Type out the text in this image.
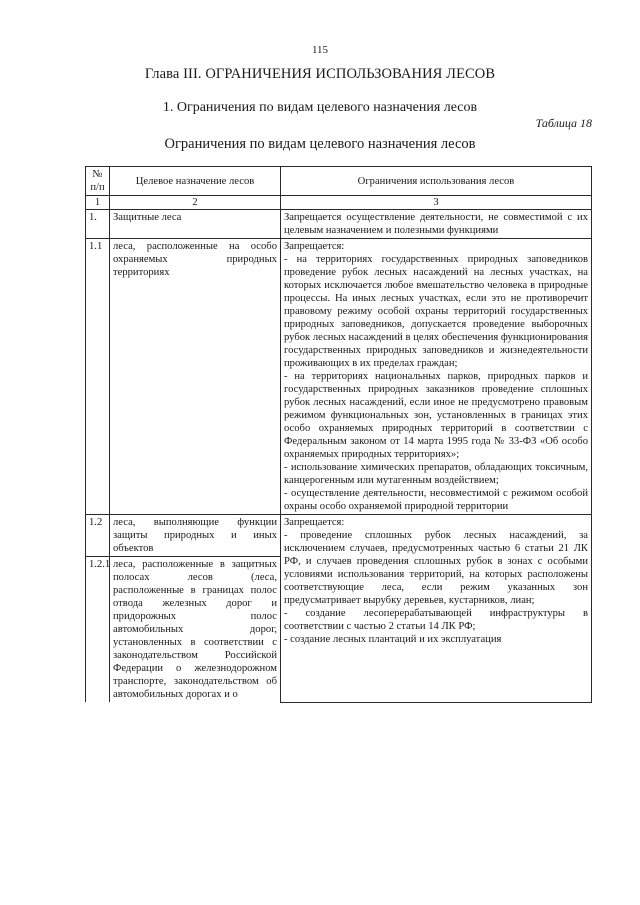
115
Глава III. ОГРАНИЧЕНИЯ ИСПОЛЬЗОВАНИЯ ЛЕСОВ
1. Ограничения по видам целевого назначения лесов
Таблица 18
Ограничения по видам целевого назначения лесов
№ п/п	Целевое назначение лесов	Ограничения использования лесов
1	2	3
1.	Защитные леса	Запрещается осуществление деятельности, не совместимой с их целевым назначением и полезными функциями
1.1	леса, расположенные на особо охраняемых природных территориях	Запрещается:
- на территориях государственных природных заповедников проведение рубок лесных насаждений на лесных участках, на которых исключается любое вмешательство человека в природные процессы. На иных лесных участках, если это не противоречит правовому режиму особой охраны территорий государственных природных заповедников, допускается проведение выборочных рубок лесных насаждений в целях обеспечения функционирования государственных природных заповедников и жизнедеятельности проживающих в их пределах граждан;
- на территориях национальных парков, природных парков и государственных природных заказников проведение сплошных рубок лесных насаждений, если иное не предусмотрено правовым режимом функциональных зон, установленных в границах этих особо охраняемых природных территорий в соответствии с Федеральным законом от 14 марта 1995 года № 33-ФЗ «Об особо охраняемых природных территориях»;
- использование химических препаратов, обладающих токсичным, канцерогенным или мутагенным воздействием;
- осуществление деятельности, несовместимой с режимом особой охраны особо охраняемой природной территории

1.2	леса, выполняющие функции защиты природных и иных объектов	Запрещается:
- проведение сплошных рубок лесных насаждений, за исключением случаев, предусмотренных частью 6 статьи 21 ЛК РФ, и случаев проведения сплошных рубок в зонах с особыми условиями использования территорий, на которых расположены соответствующие леса, если режим указанных зон предусматривает вырубку деревьев, кустарников, лиан;
- создание лесоперерабатывающей инфраструктуры в соответствии с частью 2 статьи 14 ЛК РФ;
- создание лесных плантаций и их эксплуатация

1.2.1	леса, расположенные в защитных полосах лесов (леса, расположенные в границах полос отвода железных дорог и придорожных полос автомобильных дорог, установленных в соответствии с законодательством Российской Федерации о железнодорожном транспорте, законодательством об автомобильных дорогах и о	
